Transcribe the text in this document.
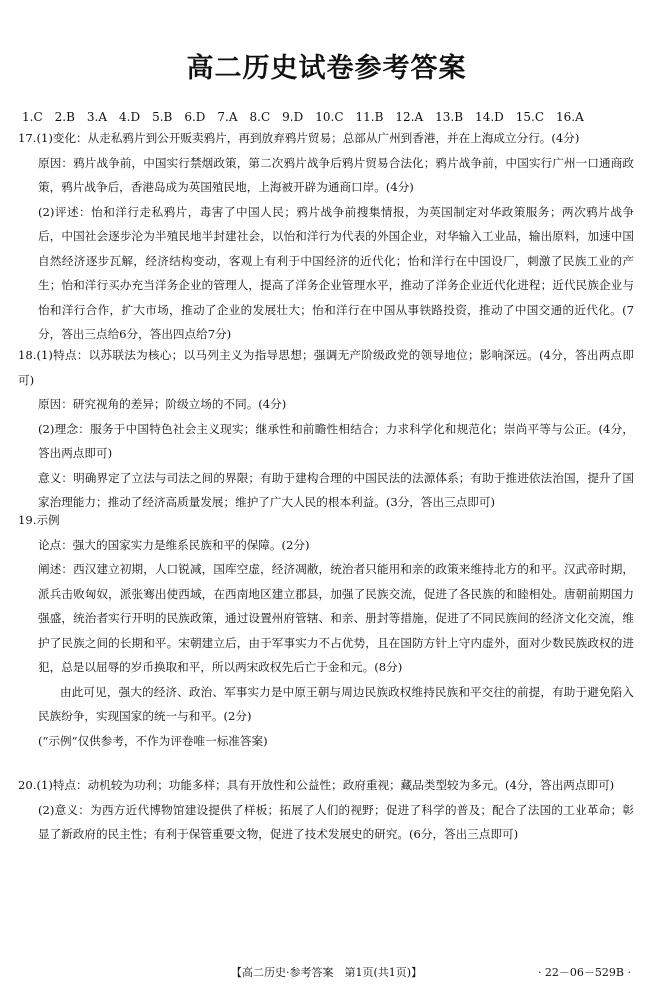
高二历史试卷参考答案
1.C　2.B　3.A　4.D　5.B　6.D　7.A　8.C　9.D　10.C　11.B　12.A　13.B　14.D　15.C　16.A

17.(1)变化：从走私鸦片到公开贩卖鸦片，再到放弃鸦片贸易；总部从广州到香港，并在上海成立分行。(4分)

原因：鸦片战争前，中国实行禁烟政策，第二次鸦片战争后鸦片贸易合法化；鸦片战争前，中国实行广州一口通商政策，鸦片战争后，香港岛成为英国殖民地，上海被开辟为通商口岸。(4分)

(2)评述：怡和洋行走私鸦片，毒害了中国人民；鸦片战争前搜集情报，为英国制定对华政策服务；两次鸦片战争后，中国社会逐步沦为半殖民地半封建社会，以怡和洋行为代表的外国企业，对华输入工业品，输出原料，加速中国自然经济逐步瓦解，经济结构变动，客观上有利于中国经济的近代化；怡和洋行在中国设厂，刺激了民族工业的产生；怡和洋行买办充当洋务企业的管理人，提高了洋务企业管理水平，推动了洋务企业近代化进程；近代民族企业与怡和洋行合作，扩大市场，推动了企业的发展壮大；怡和洋行在中国从事铁路投资，推动了中国交通的近代化。(7分，答出三点给6分，答出四点给7分)

18.(1)特点：以苏联法为核心；以马列主义为指导思想；强调无产阶级政党的领导地位；影响深远。(4分，答出两点即可)

原因：研究视角的差异；阶级立场的不同。(4分)

(2)理念：服务于中国特色社会主义现实；继承性和前瞻性相结合；力求科学化和规范化；崇尚平等与公正。(4分，答出两点即可)

意义：明确界定了立法与司法之间的界限；有助于建构合理的中国民法的法源体系；有助于推进依法治国，提升了国家治理能力；推动了经济高质量发展；维护了广大人民的根本利益。(3分，答出三点即可)

19.示例

论点：强大的国家实力是维系民族和平的保障。(2分)

阐述：西汉建立初期，人口锐减，国库空虚，经济凋敝，统治者只能用和亲的政策来维持北方的和平。汉武帝时期，派兵击败匈奴，派张骞出使西域，在西南地区建立郡县，加强了民族交流，促进了各民族的和睦相处。唐朝前期国力强盛，统治者实行开明的民族政策，通过设置州府管辖、和亲、册封等措施，促进了不同民族间的经济文化交流，维护了民族之间的长期和平。宋朝建立后，由于军事实力不占优势，且在国防方针上守内虚外，面对少数民族政权的进犯，总是以屈辱的岁币换取和平，所以两宋政权先后亡于金和元。(8分)

由此可见，强大的经济、政治、军事实力是中原王朝与周边民族政权维持民族和平交往的前提，有助于避免陷入民族纷争，实现国家的统一与和平。(2分)

(“示例”仅供参考，不作为评卷唯一标准答案)

20.(1)特点：动机较为功利；功能多样；具有开放性和公益性；政府重视；藏品类型较为多元。(4分，答出两点即可)

(2)意义：为西方近代博物馆建设提供了样板；拓展了人们的视野；促进了科学的普及；配合了法国的工业革命；彰显了新政府的民主性；有利于保管重要文物，促进了技术发展史的研究。(6分，答出三点即可)

【高二历史·参考答案　第1页(共1页)】	· 22－06－529B ·
